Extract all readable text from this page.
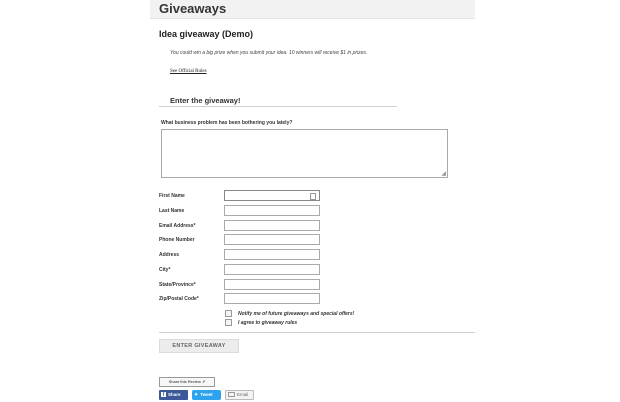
Giveaways
Idea giveaway (Demo)
You could win a big prize when you submit your idea. 10 winners will receive $1 in prizes.
See Official Rules
Enter the giveaway!
What business problem has been bothering you lately?
◢
First Name
Last Name
Email Address*
Phone Number
Address
City*
State/Province*
Zip/Postal Code*
Notify me of future giveaways and special offers!
I agree to giveaway rules
ENTER GIVEAWAY
Share this Review ⇗
f Share	✦ Tweet	Email
